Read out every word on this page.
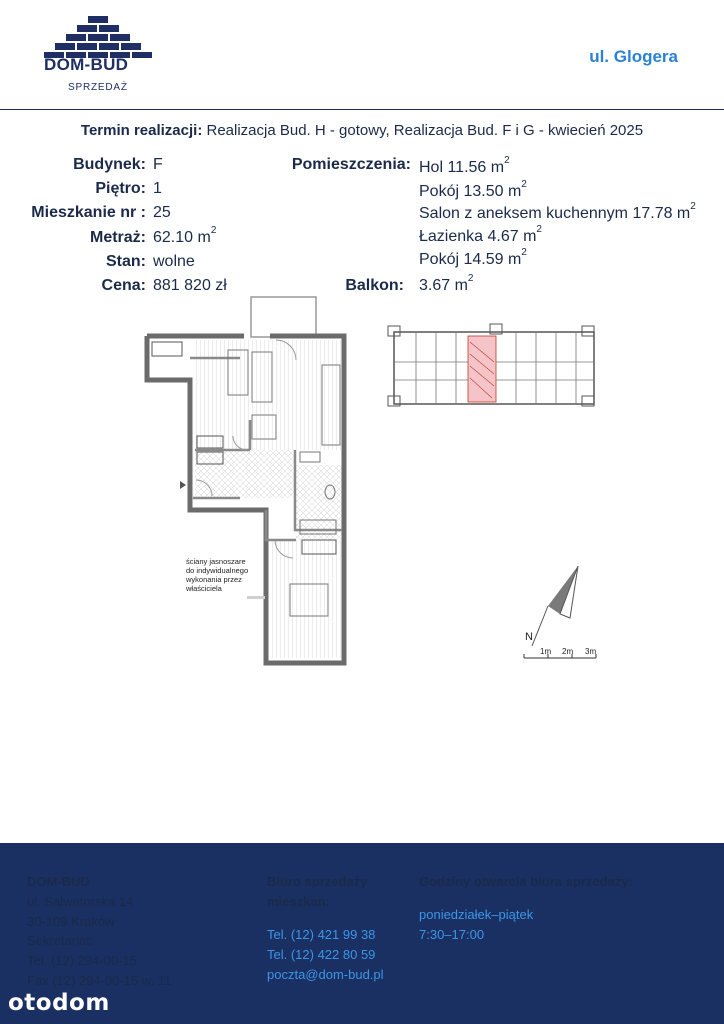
DOM-BUD
SPRZEDAŻ
ul. Glogera
Termin realizacji: Realizacja Bud. H - gotowy, Realizacja Bud. F i G - kwiecień 2025
Budynek: F
Piętro: 1
Mieszkanie nr : 25
Metraż: 62.10 $m^2$
Stan: wolne
Cena: 881 820 zł
Pomieszczenia: Hol 11.56 $m^2$
Pokój 13.50 $m^2$
Salon z aneksem kuchennym 17.78 $m^2$
Łazienka 4.67 $m^2$
Pokój 14.59 $m^2$
Balkon: 3.67 $m^2$
ściany jasnoszare
do indywidualnego
wykonania przez
właściciela
N
1m 2m 3m
DOM-BUD
ul. Salwatorska 14
30-109 Kraków
Sekretariat:
Tel. (12) 294-00-15
Fax (12) 294-00-15 w. 11
Biuro sprzedaży
mieszkań:
Tel. (12) 421 99 38
Tel. (12) 422 80 59
poczta@dom-bud.pl
Godziny otwarcia biura sprzedaży:
poniedziałek–piątek
7:30–17:00
otodom
